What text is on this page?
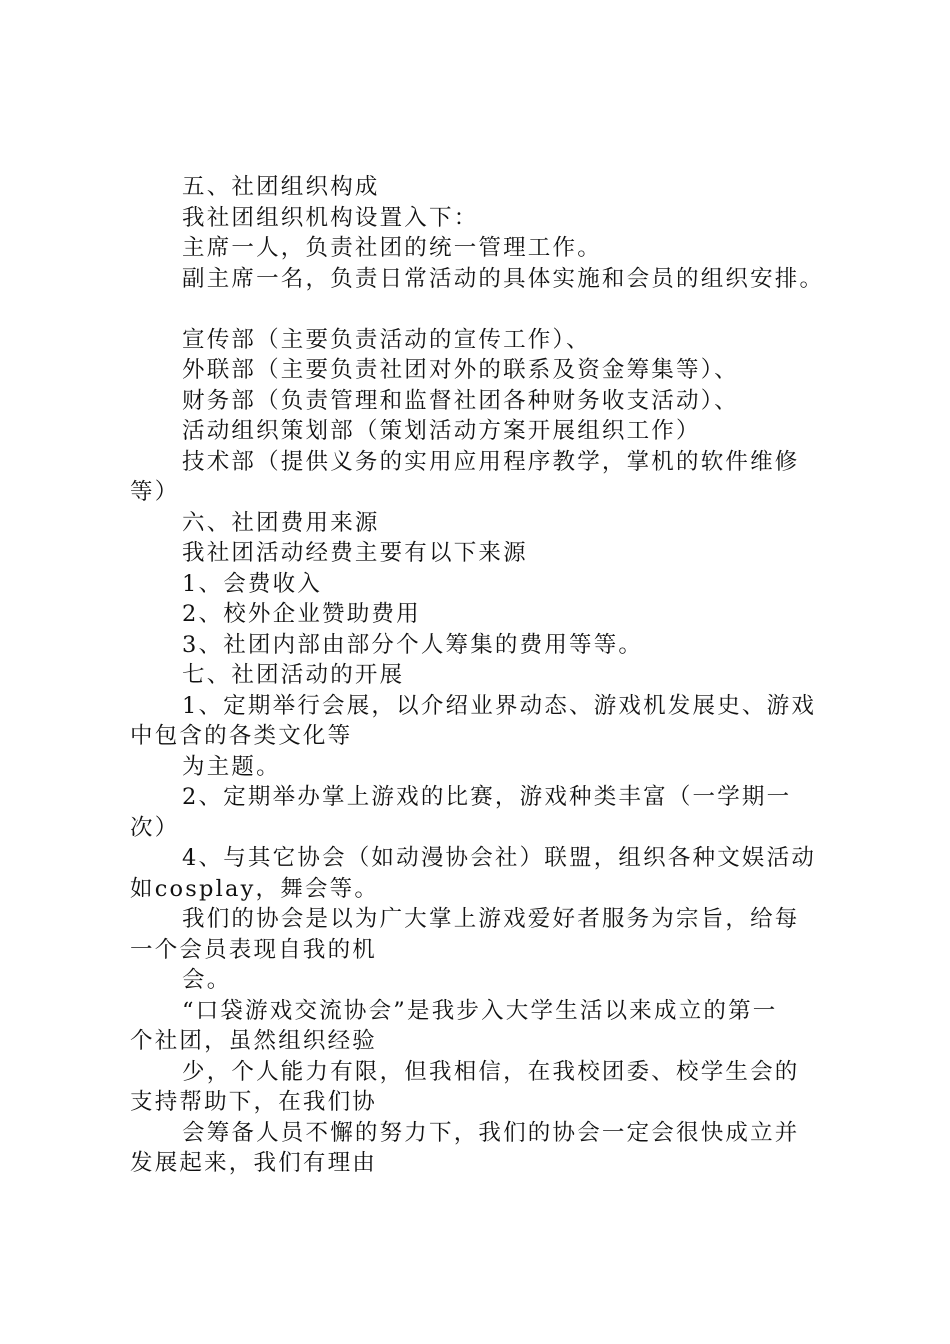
五、社团组织构成

我社团组织机构设置入下：

主席一人，负责社团的统一管理工作。

副主席一名，负责日常活动的具体实施和会员的组织安排。

宣传部（主要负责活动的宣传工作）、

外联部（主要负责社团对外的联系及资金筹集等）、

财务部（负责管理和监督社团各种财务收支活动）、

活动组织策划部（策划活动方案开展组织工作）

技术部（提供义务的实用应用程序教学，掌机的软件维修

等）

六、社团费用来源

我社团活动经费主要有以下来源

1、会费收入

2、校外企业赞助费用

3、社团内部由部分个人筹集的费用等等。

七、社团活动的开展

1、定期举行会展，以介绍业界动态、游戏机发展史、游戏

中包含的各类文化等

为主题。

2、定期举办掌上游戏的比赛，游戏种类丰富（一学期一

次）

4、与其它协会（如动漫协会社）联盟，组织各种文娱活动

如cosplay，舞会等。

我们的协会是以为广大掌上游戏爱好者服务为宗旨，给每

一个会员表现自我的机

会。

“口袋游戏交流协会”是我步入大学生活以来成立的第一

个社团，虽然组织经验

少，个人能力有限，但我相信，在我校团委、校学生会的

支持帮助下，在我们协

会筹备人员不懈的努力下，我们的协会一定会很快成立并

发展起来，我们有理由
